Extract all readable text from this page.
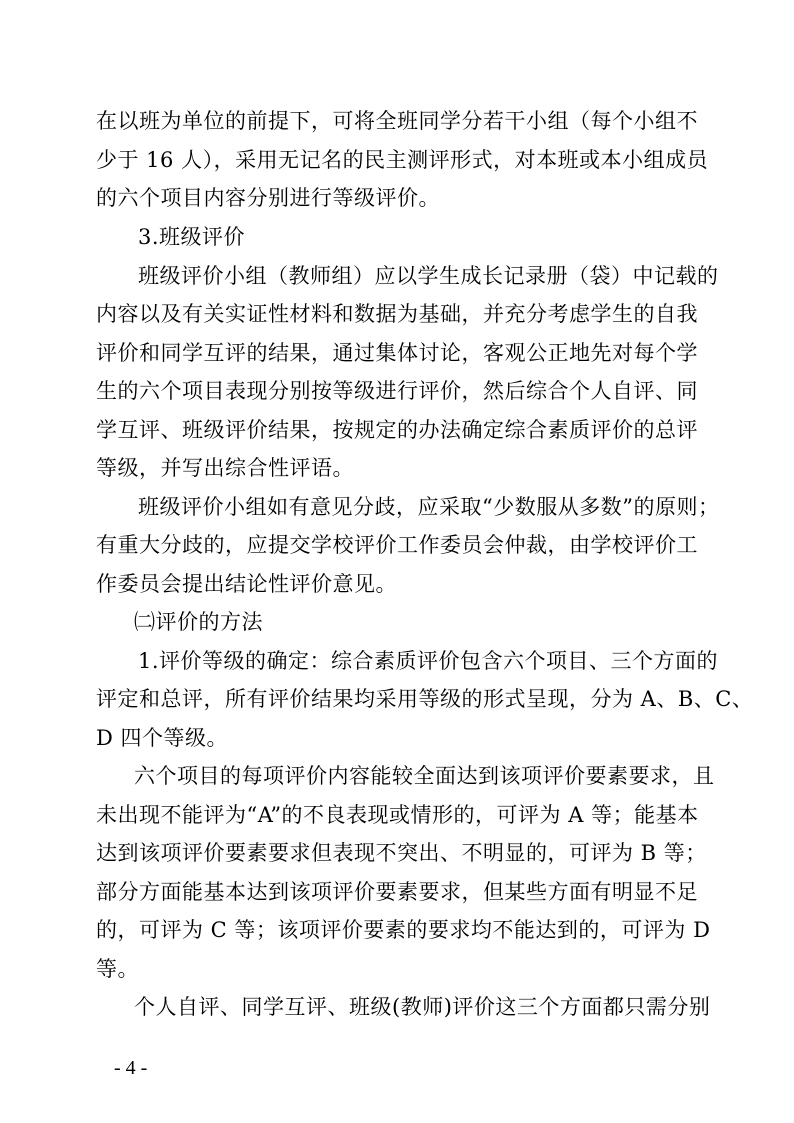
在以班为单位的前提下，可将全班同学分若干小组（每个小组不
少于 16 人），采用无记名的民主测评形式，对本班或本小组成员
的六个项目内容分别进行等级评价。
3.班级评价
班级评价小组（教师组）应以学生成长记录册（袋）中记载的
内容以及有关实证性材料和数据为基础，并充分考虑学生的自我
评价和同学互评的结果，通过集体讨论，客观公正地先对每个学
生的六个项目表现分别按等级进行评价，然后综合个人自评、同
学互评、班级评价结果，按规定的办法确定综合素质评价的总评
等级，并写出综合性评语。
班级评价小组如有意见分歧，应采取“少数服从多数”的原则；
有重大分歧的，应提交学校评价工作委员会仲裁，由学校评价工
作委员会提出结论性评价意见。
㈡评价的方法
1.评价等级的确定：综合素质评价包含六个项目、三个方面的
评定和总评，所有评价结果均采用等级的形式呈现，分为 A、B、C、
D 四个等级。
六个项目的每项评价内容能较全面达到该项评价要素要求，且
未出现不能评为“A”的不良表现或情形的，可评为 A 等；能基本
达到该项评价要素要求但表现不突出、不明显的，可评为 B 等；
部分方面能基本达到该项评价要素要求，但某些方面有明显不足
的，可评为 C 等；该项评价要素的要求均不能达到的，可评为 D
等。
个人自评、同学互评、班级(教师)评价这三个方面都只需分别
- 4 -
